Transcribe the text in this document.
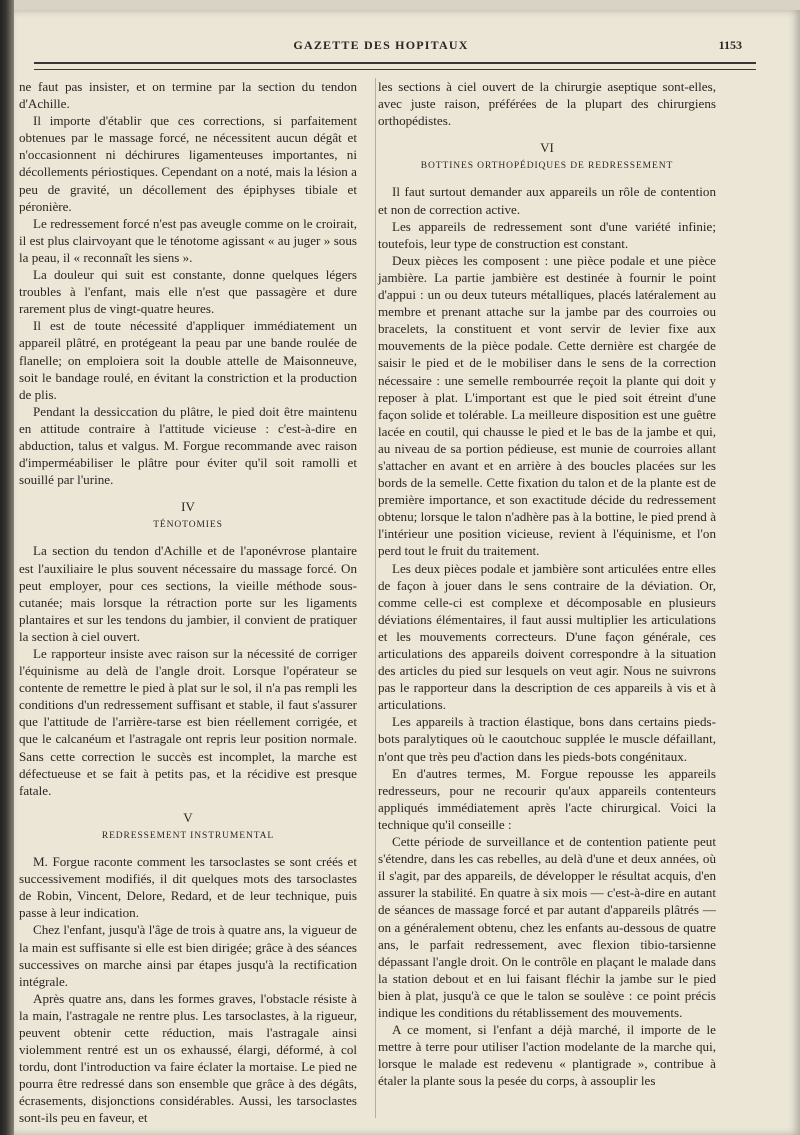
GAZETTE DES HOPITAUX	1153

ne faut pas insister, et on termine par la section du tendon d'Achille.

Il importe d'établir que ces corrections, si parfaitement obtenues par le massage forcé, ne nécessitent aucun dégât et n'occasionnent ni déchirures ligamenteuses importantes, ni décollements périostiques. Cependant on a noté, mais la lésion a peu de gravité, un décollement des épiphyses tibiale et péronière.

Le redressement forcé n'est pas aveugle comme on le croirait, il est plus clairvoyant que le ténotome agissant « au juger » sous la peau, il « reconnaît les siens ».

La douleur qui suit est constante, donne quelques légers troubles à l'enfant, mais elle n'est que passagère et dure rarement plus de vingt-quatre heures.

Il est de toute nécessité d'appliquer immédiatement un appareil plâtré, en protégeant la peau par une bande roulée de flanelle; on emploiera soit la double attelle de Maisonneuve, soit le bandage roulé, en évitant la constriction et la production de plis.

Pendant la dessiccation du plâtre, le pied doit être maintenu en attitude contraire à l'attitude vicieuse : c'est-à-dire en abduction, talus et valgus. M. Forgue recommande avec raison d'imperméabiliser le plâtre pour éviter qu'il soit ramolli et souillé par l'urine.

IV
TÉNOTOMIES

La section du tendon d'Achille et de l'aponévrose plantaire est l'auxiliaire le plus souvent nécessaire du massage forcé. On peut employer, pour ces sections, la vieille méthode sous-cutanée; mais lorsque la rétraction porte sur les ligaments plantaires et sur les tendons du jambier, il convient de pratiquer la section à ciel ouvert.

Le rapporteur insiste avec raison sur la nécessité de corriger l'équinisme au delà de l'angle droit. Lorsque l'opérateur se contente de remettre le pied à plat sur le sol, il n'a pas rempli les conditions d'un redressement suffisant et stable, il faut s'assurer que l'attitude de l'arrière-tarse est bien réellement corrigée, et que le calcanéum et l'astragale ont repris leur position normale. Sans cette correction le succès est incomplet, la marche est défectueuse et se fait à petits pas, et la récidive est presque fatale.

V
REDRESSEMENT INSTRUMENTAL

M. Forgue raconte comment les tarsoclastes se sont créés et successivement modifiés, il dit quelques mots des tarsoclastes de Robin, Vincent, Delore, Redard, et de leur technique, puis passe à leur indication.

Chez l'enfant, jusqu'à l'âge de trois à quatre ans, la vigueur de la main est suffisante si elle est bien dirigée; grâce à des séances successives on marche ainsi par étapes jusqu'à la rectification intégrale.

Après quatre ans, dans les formes graves, l'obstacle résiste à la main, l'astragale ne rentre plus. Les tarsoclastes, à la rigueur, peuvent obtenir cette réduction, mais l'astragale ainsi violemment rentré est un os exhaussé, élargi, déformé, à col tordu, dont l'introduction va faire éclater la mortaise. Le pied ne pourra être redressé dans son ensemble que grâce à des dégâts, écrasements, disjonctions considérables. Aussi, les tarsoclastes sont-ils peu en faveur, et

les sections à ciel ouvert de la chirurgie aseptique sont-elles, avec juste raison, préférées de la plupart des chirurgiens orthopédistes.

VI
BOTTINES ORTHOPÉDIQUES DE REDRESSEMENT

Il faut surtout demander aux appareils un rôle de contention et non de correction active.

Les appareils de redressement sont d'une variété infinie; toutefois, leur type de construction est constant.

Deux pièces les composent : une pièce podale et une pièce jambière. La partie jambière est destinée à fournir le point d'appui : un ou deux tuteurs métalliques, placés latéralement au membre et prenant attache sur la jambe par des courroies ou bracelets, la constituent et vont servir de levier fixe aux mouvements de la pièce podale. Cette dernière est chargée de saisir le pied et de le mobiliser dans le sens de la correction nécessaire : une semelle rembourrée reçoit la plante qui doit y reposer à plat. L'important est que le pied soit étreint d'une façon solide et tolérable. La meilleure disposition est une guêtre lacée en coutil, qui chausse le pied et le bas de la jambe et qui, au niveau de sa portion pédieuse, est munie de courroies allant s'attacher en avant et en arrière à des boucles placées sur les bords de la semelle. Cette fixation du talon et de la plante est de première importance, et son exactitude décide du redressement obtenu; lorsque le talon n'adhère pas à la bottine, le pied prend à l'intérieur une position vicieuse, revient à l'équinisme, et l'on perd tout le fruit du traitement.

Les deux pièces podale et jambière sont articulées entre elles de façon à jouer dans le sens contraire de la déviation. Or, comme celle-ci est complexe et décomposable en plusieurs déviations élémentaires, il faut aussi multiplier les articulations et les mouvements correcteurs. D'une façon générale, ces articulations des appareils doivent correspondre à la situation des articles du pied sur lesquels on veut agir. Nous ne suivrons pas le rapporteur dans la description de ces appareils à vis et à articulations.

Les appareils à traction élastique, bons dans certains pieds-bots paralytiques où le caoutchouc supplée le muscle défaillant, n'ont que très peu d'action dans les pieds-bots congénitaux.

En d'autres termes, M. Forgue repousse les appareils redresseurs, pour ne recourir qu'aux appareils contenteurs appliqués immédiatement après l'acte chirurgical. Voici la technique qu'il conseille :

Cette période de surveillance et de contention patiente peut s'étendre, dans les cas rebelles, au delà d'une et deux années, où il s'agit, par des appareils, de développer le résultat acquis, d'en assurer la stabilité. En quatre à six mois — c'est-à-dire en autant de séances de massage forcé et par autant d'appareils plâtrés — on a généralement obtenu, chez les enfants au-dessous de quatre ans, le parfait redressement, avec flexion tibio-tarsienne dépassant l'angle droit. On le contrôle en plaçant le malade dans la station debout et en lui faisant fléchir la jambe sur le pied bien à plat, jusqu'à ce que le talon se soulève : ce point précis indique les conditions du rétablissement des mouvements.

A ce moment, si l'enfant a déjà marché, il importe de le mettre à terre pour utiliser l'action modelante de la marche qui, lorsque le malade est redevenu « plantigrade », contribue à étaler la plante sous la pesée du corps, à assouplir les
